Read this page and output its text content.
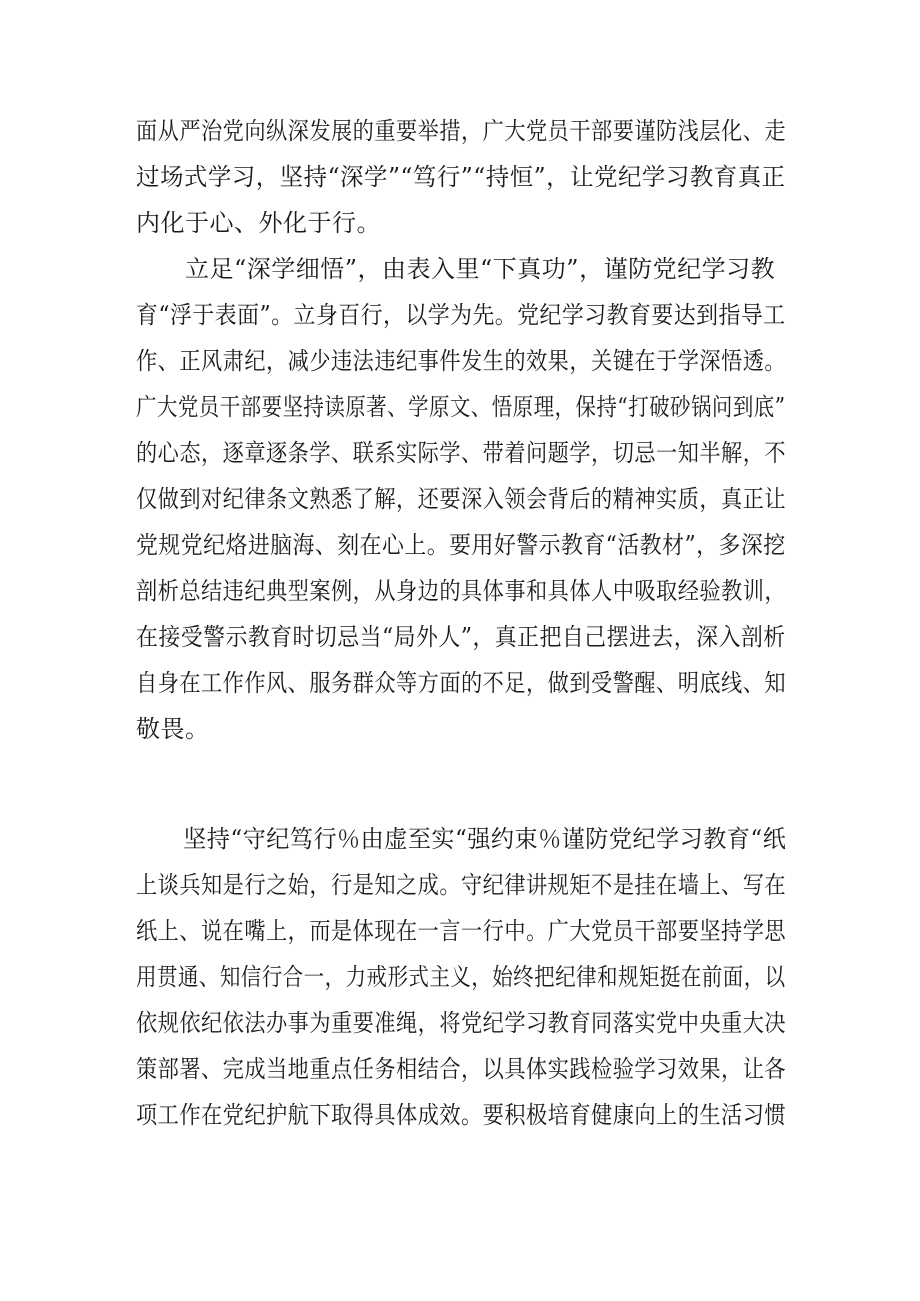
面从严治党向纵深发展的重要举措，广大党员干部要谨防浅层化、走
过场式学习，坚持“深学”“笃行”“持恒”，让党纪学习教育真正
内化于心、外化于行。
　　立足“深学细悟”，由表入里“下真功”，谨防党纪学习教
育“浮于表面”。立身百行，以学为先。党纪学习教育要达到指导工
作、正风肃纪，减少违法违纪事件发生的效果，关键在于学深悟透。
广大党员干部要坚持读原著、学原文、悟原理，保持“打破砂锅问到底”
的心态，逐章逐条学、联系实际学、带着问题学，切忌一知半解，不
仅做到对纪律条文熟悉了解，还要深入领会背后的精神实质，真正让
党规党纪烙进脑海、刻在心上。要用好警示教育“活教材”，多深挖
剖析总结违纪典型案例，从身边的具体事和具体人中吸取经验教训，
在接受警示教育时切忌当“局外人”，真正把自己摆进去，深入剖析
自身在工作作风、服务群众等方面的不足，做到受警醒、明底线、知
敬畏。
　　坚持“守纪笃行％由虚至实“强约束％谨防党纪学习教育“纸
上谈兵知是行之始，行是知之成。守纪律讲规矩不是挂在墙上、写在
纸上、说在嘴上，而是体现在一言一行中。广大党员干部要坚持学思
用贯通、知信行合一，力戒形式主义，始终把纪律和规矩挺在前面，以
依规依纪依法办事为重要准绳，将党纪学习教育同落实党中央重大决
策部署、完成当地重点任务相结合，以具体实践检验学习效果，让各
项工作在党纪护航下取得具体成效。要积极培育健康向上的生活习惯
